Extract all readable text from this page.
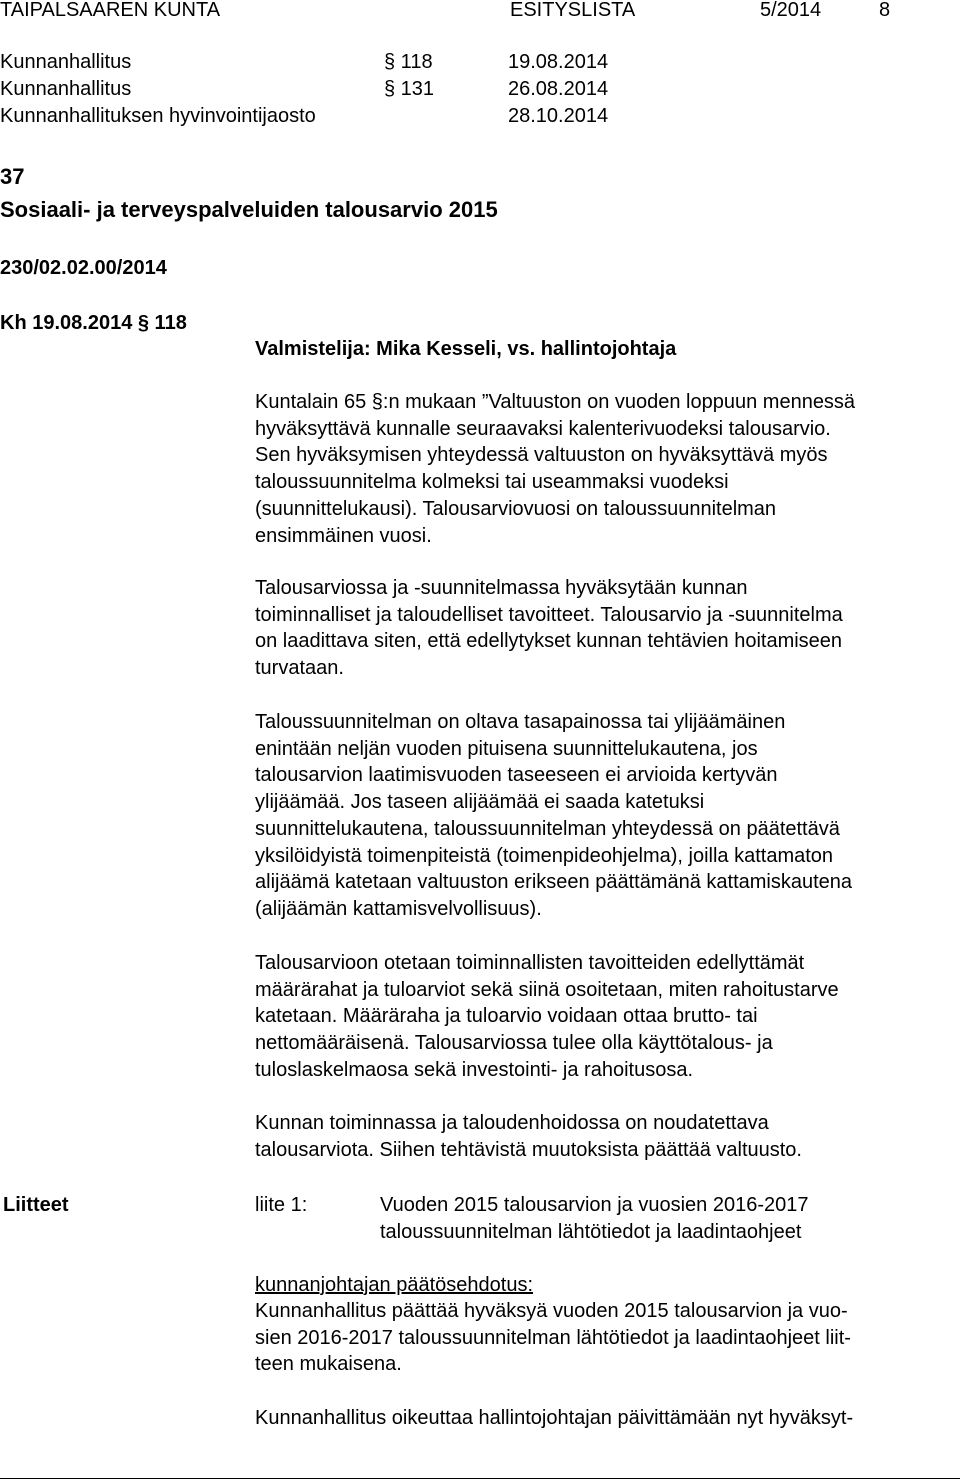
TAIPALSAAREN KUNTA	ESITYSLISTA	5/2014	8
Kunnanhallitus	§ 118	19.08.2014
Kunnanhallitus	§ 131	26.08.2014
Kunnanhallituksen hyvinvointijaosto	28.10.2014
37
Sosiaali- ja terveyspalveluiden talousarvio 2015
230/02.02.00/2014
Kh 19.08.2014 § 118
Valmistelija: Mika Kesseli, vs. hallintojohtaja

Kuntalain 65 §:n mukaan ”Valtuuston on vuoden loppuun mennessä

hyväksyttävä kunnalle seuraavaksi kalenterivuodeksi talousarvio.

Sen hyväksymisen yhteydessä valtuuston on hyväksyttävä myös

taloussuunnitelma kolmeksi tai useammaksi vuodeksi

(suunnittelukausi). Talousarviovuosi on taloussuunnitelman

ensimmäinen vuosi.

Talousarviossa ja -suunnitelmassa hyväksytään kunnan

toiminnalliset ja taloudelliset tavoitteet. Talousarvio ja -suunnitelma

on laadittava siten, että edellytykset kunnan tehtävien hoitamiseen

turvataan.

Taloussuunnitelman on oltava tasapainossa tai ylijäämäinen

enintään neljän vuoden pituisena suunnittelukautena, jos

talousarvion laatimisvuoden taseeseen ei arvioida kertyvän

ylijäämää. Jos taseen alijäämää ei saada katetuksi

suunnittelukautena, taloussuunnitelman yhteydessä on päätettävä

yksilöidyistä toimenpiteistä (toimenpideohjelma), joilla kattamaton

alijäämä katetaan valtuuston erikseen päättämänä kattamiskautena

(alijäämän kattamisvelvollisuus).

Talousarvioon otetaan toiminnallisten tavoitteiden edellyttämät

määrärahat ja tuloarviot sekä siinä osoitetaan, miten rahoitustarve

katetaan. Määräraha ja tuloarvio voidaan ottaa brutto- tai

nettomääräisenä. Talousarviossa tulee olla käyttötalous- ja

tuloslaskelmaosa sekä investointi- ja rahoitusosa.

Kunnan toiminnassa ja taloudenhoidossa on noudatettava

talousarviota. Siihen tehtävistä muutoksista päättää valtuusto.

Liitteet	liite 1:	Vuoden 2015 talousarvion ja vuosien 2016-2017
taloussuunnitelman lähtötiedot ja laadintaohjeet
kunnanjohtajan päätösehdotus:

Kunnanhallitus päättää hyväksyä vuoden 2015 talousarvion ja vuo-

sien 2016-2017 taloussuunnitelman lähtötiedot ja laadintaohjeet liit-

teen mukaisena.

Kunnanhallitus oikeuttaa hallintojohtajan päivittämään nyt hyväksyt-
